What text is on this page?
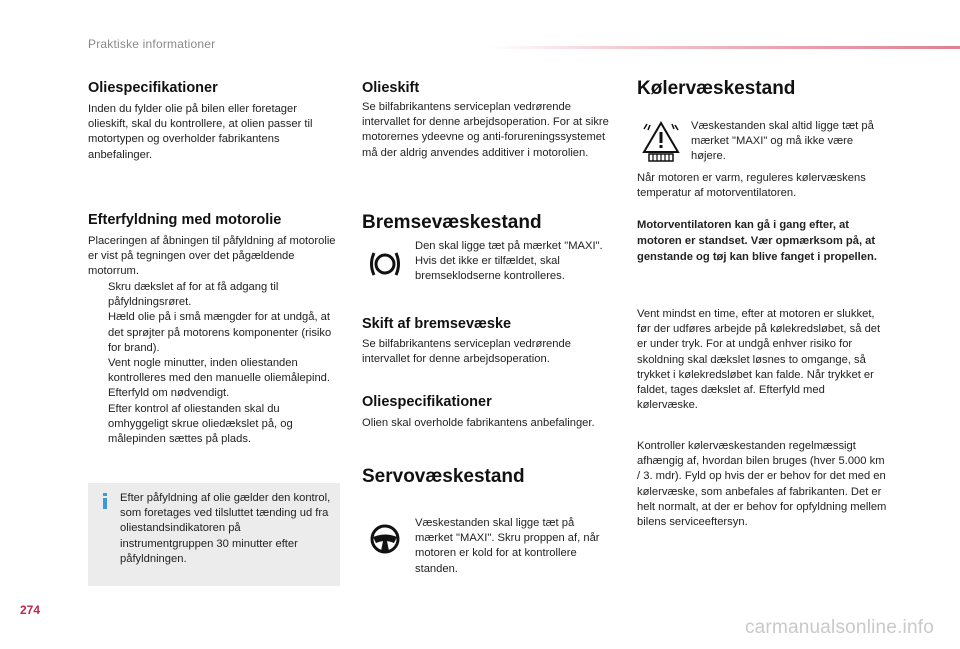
Praktiske informationer
Oliespecifikationer

Inden du fylder olie på bilen eller foretager olieskift, skal du kontrollere, at olien passer til motortypen og overholder fabrikantens anbefalinger.

Efterfyldning med motorolie

Placeringen af åbningen til påfyldning af motorolie er vist på tegningen over det pågældende motorrum.

Skru dækslet af for at få adgang til påfyldningsrøret.
Hæld olie på i små mængder for at undgå, at det sprøjter på motorens komponenter (risiko for brand).
Vent nogle minutter, inden oliestanden kontrolleres med den manuelle oliemålepind.
Efterfyld om nødvendigt.
Efter kontrol af oliestanden skal du omhyggeligt skrue oliedækslet på, og målepinden sættes på plads.

Efter påfyldning af olie gælder den kontrol, som foretages ved tilsluttet tænding ud fra oliestandsindikatoren på instrumentgruppen 30 minutter efter påfyldningen.

Olieskift

Se bilfabrikantens serviceplan vedrørende intervallet for denne arbejdsoperation. For at sikre motorernes ydeevne og anti-forureningssystemet må der aldrig anvendes additiver i motorolien.

Bremsevæskestand

Den skal ligge tæt på mærket "MAXI". Hvis det ikke er tilfældet, skal bremseklodserne kontrolleres.

Skift af bremsevæske

Se bilfabrikantens serviceplan vedrørende intervallet for denne arbejdsoperation.

Oliespecifikationer

Olien skal overholde fabrikantens anbefalinger.

Servovæskestand

Væskestanden skal ligge tæt på mærket "MAXI". Skru proppen af, når motoren er kold for at kontrollere standen.

Kølervæskestand

Væskestanden skal altid ligge tæt på mærket "MAXI" og må ikke være højere.

Når motoren er varm, reguleres kølervæskens temperatur af motorventilatoren.

Motorventilatoren kan gå i gang efter, at motoren er standset. Vær opmærksom på, at genstande og tøj kan blive fanget i propellen.

Vent mindst en time, efter at motoren er slukket, før der udføres arbejde på kølekredsløbet, så det er under tryk. For at undgå enhver risiko for skoldning skal dækslet løsnes to omgange, så trykket i kølekredsløbet kan falde. Når trykket er faldet, tages dækslet af. Efterfyld med kølervæske.

Kontroller kølervæskestanden regelmæssigt afhængig af, hvordan bilen bruges (hver 5.000 km / 3. mdr). Fyld op hvis der er behov for det med en kølervæske, som anbefales af fabrikanten. Det er helt normalt, at der er behov for opfyldning mellem bilens serviceeftersyn.

274
carmanualsonline.info
